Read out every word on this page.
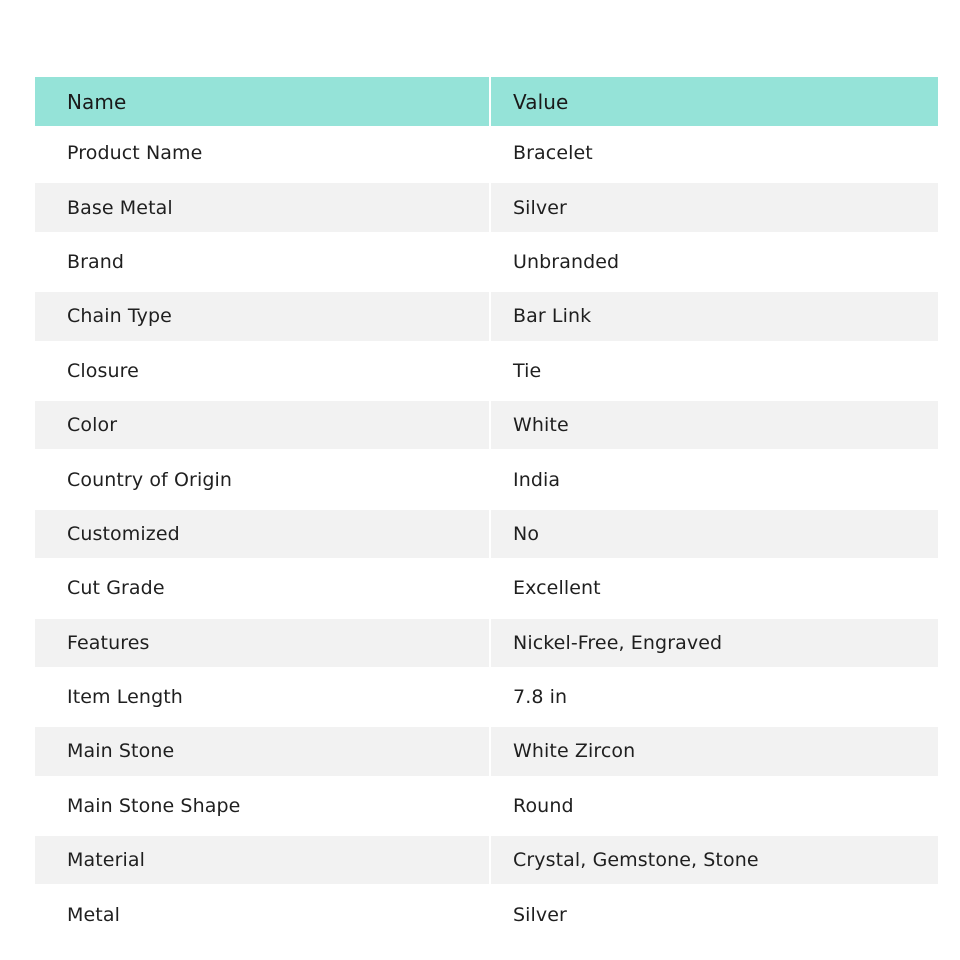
Name	Value
Product Name	Bracelet
Base Metal	Silver
Brand	Unbranded
Chain Type	Bar Link
Closure	Tie
Color	White
Country of Origin	India
Customized	No
Cut Grade	Excellent
Features	Nickel-Free, Engraved
Item Length	7.8 in
Main Stone	White Zircon
Main Stone Shape	Round
Material	Crystal, Gemstone, Stone
Metal	Silver
